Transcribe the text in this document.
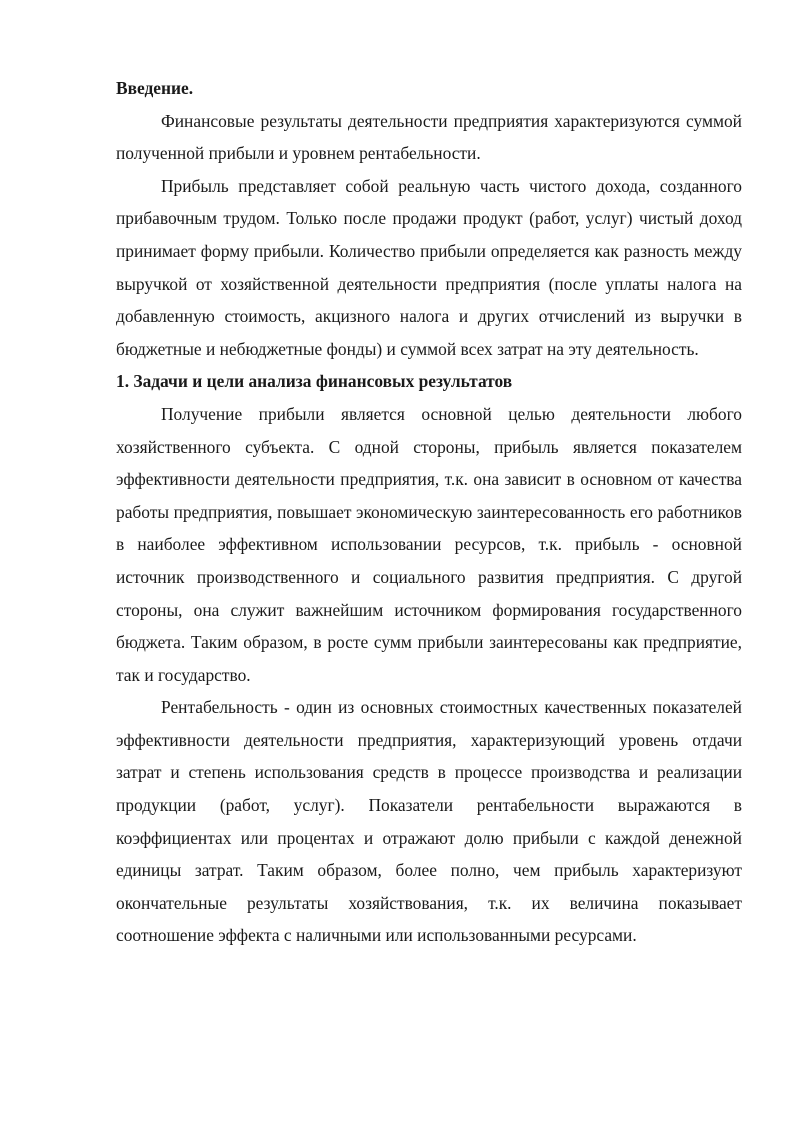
Введение.

Финансовые результаты деятельности предприятия характеризуются суммой полученной прибыли и уровнем рентабельности.

Прибыль представляет собой реальную часть чистого дохода, созданного прибавочным трудом. Только после продажи продукт (работ, услуг) чистый доход принимает форму прибыли. Количество прибыли определяется как разность между выручкой от хозяйственной деятельности предприятия (после уплаты налога на добавленную стоимость, акцизного налога и других отчислений из выручки в бюджетные и небюджетные фонды) и суммой всех затрат на эту деятельность.

1. Задачи и цели анализа финансовых результатов

Получение прибыли является основной целью деятельности любого хозяйственного субъекта. С одной стороны, прибыль является показателем эффективности деятельности предприятия, т.к. она зависит в основном от качества работы предприятия, повышает экономическую заинтересованность его работников в наиболее эффективном использовании ресурсов, т.к. прибыль - основной источник производственного и социального развития предприятия. С другой стороны, она служит важнейшим источником формирования государственного бюджета. Таким образом, в росте сумм прибыли заинтересованы как предприятие, так и государство.

Рентабельность - один из основных стоимостных качественных показателей эффективности деятельности предприятия, характеризующий уровень отдачи затрат и степень использования средств в процессе производства и реализации продукции (работ, услуг). Показатели рентабельности выражаются в коэффициентах или процентах и отражают долю прибыли с каждой денежной единицы затрат. Таким образом, более полно, чем прибыль характеризуют окончательные результаты хозяйствования, т.к. их величина показывает соотношение эффекта с наличными или использованными ресурсами.
